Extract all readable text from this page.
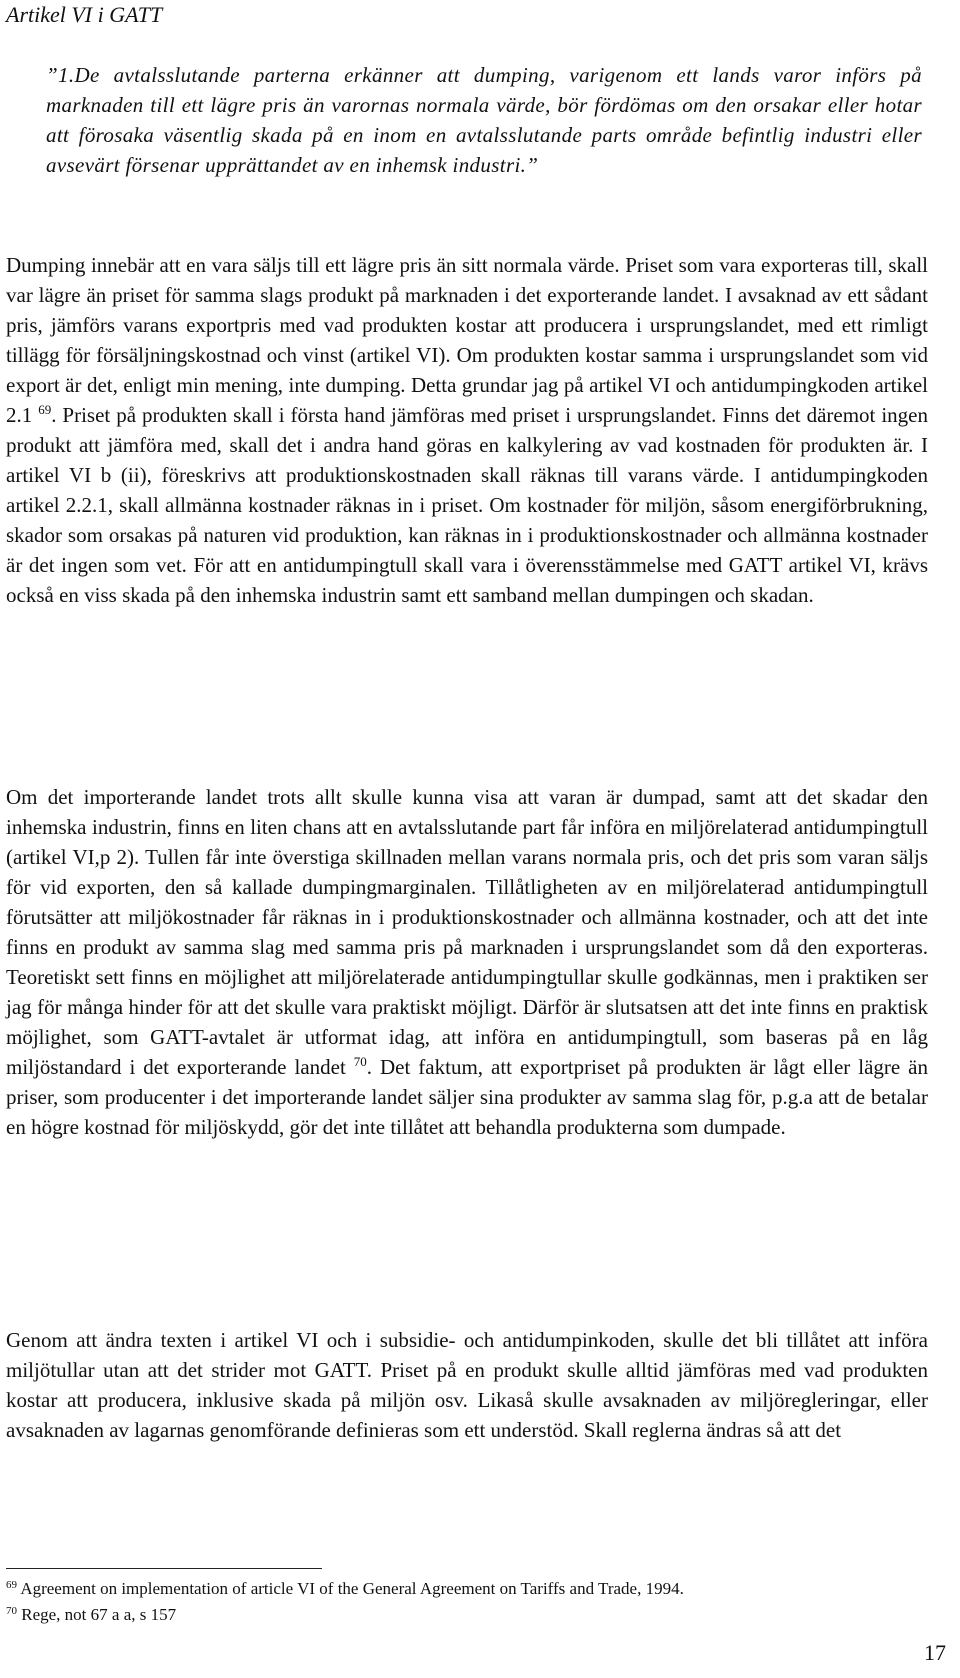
Artikel VI i GATT
”1.De avtalsslutande parterna erkänner att dumping, varigenom ett lands varor införs på marknaden till ett lägre pris än varornas normala värde, bör fördömas om den orsakar eller hotar att förosaka väsentlig skada på en inom en avtalsslutande parts område befintlig industri eller avsevärt försenar upprättandet av en inhemsk industri.”
Dumping innebär att en vara säljs till ett lägre pris än sitt normala värde. Priset som vara exporteras till, skall var lägre än priset för samma slags produkt på marknaden i det exporterande landet. I avsaknad av ett sådant pris, jämförs varans exportpris med vad produkten kostar att producera i ursprungslandet, med ett rimligt tillägg för försäljningskostnad och vinst (artikel VI). Om produkten kostar samma i ursprungslandet som vid export är det, enligt min mening, inte dumping. Detta grundar jag på artikel VI och antidumpingkoden artikel 2.1 $^{69}$. Priset på produkten skall i första hand jämföras med priset i ursprungslandet. Finns det däremot ingen produkt att jämföra med, skall det i andra hand göras en kalkylering av vad kostnaden för produkten är. I artikel VI b (ii), föreskrivs att produktionskostnaden skall räknas till varans värde. I antidumpingkoden artikel 2.2.1, skall allmänna kostnader räknas in i priset. Om kostnader för miljön, såsom energiförbrukning, skador som orsakas på naturen vid produktion, kan räknas in i produktionskostnader och allmänna kostnader är det ingen som vet. För att en antidumpingtull skall vara i överensstämmelse med GATT artikel VI, krävs också en viss skada på den inhemska industrin samt ett samband mellan dumpingen och skadan.
Om det importerande landet trots allt skulle kunna visa att varan är dumpad, samt att det skadar den inhemska industrin, finns en liten chans att en avtalsslutande part får införa en miljörelaterad antidumpingtull (artikel VI,p 2). Tullen får inte överstiga skillnaden mellan varans normala pris, och det pris som varan säljs för vid exporten, den så kallade dumpingmarginalen. Tillåtligheten av en miljörelaterad antidumpingtull förutsätter att miljökostnader får räknas in i produktionskostnader och allmänna kostnader, och att det inte finns en produkt av samma slag med samma pris på marknaden i ursprungslandet som då den exporteras. Teoretiskt sett finns en möjlighet att miljörelaterade antidumpingtullar skulle godkännas, men i praktiken ser jag för många hinder för att det skulle vara praktiskt möjligt. Därför är slutsatsen att det inte finns en praktisk möjlighet, som GATT-avtalet är utformat idag, att införa en antidumpingtull, som baseras på en låg miljöstandard i det exporterande landet $^{70}$. Det faktum, att exportpriset på produkten är lågt eller lägre än priser, som producenter i det importerande landet säljer sina produkter av samma slag för, p.g.a att de betalar en högre kostnad för miljöskydd, gör det inte tillåtet att behandla produkterna som dumpade.
Genom att ändra texten i artikel VI och i subsidie- och antidumpinkoden, skulle det bli tillåtet att införa miljötullar utan att det strider mot GATT. Priset på en produkt skulle alltid jämföras med vad produkten kostar att producera, inklusive skada på miljön osv. Likaså skulle avsaknaden av miljöregleringar, eller avsaknaden av lagarnas genomförande definieras som ett understöd. Skall reglerna ändras så att det
$^{69}$ Agreement on implementation of article VI of the General Agreement on Tariffs and Trade, 1994.
$^{70}$ Rege, not 67 a a, s 157
17
